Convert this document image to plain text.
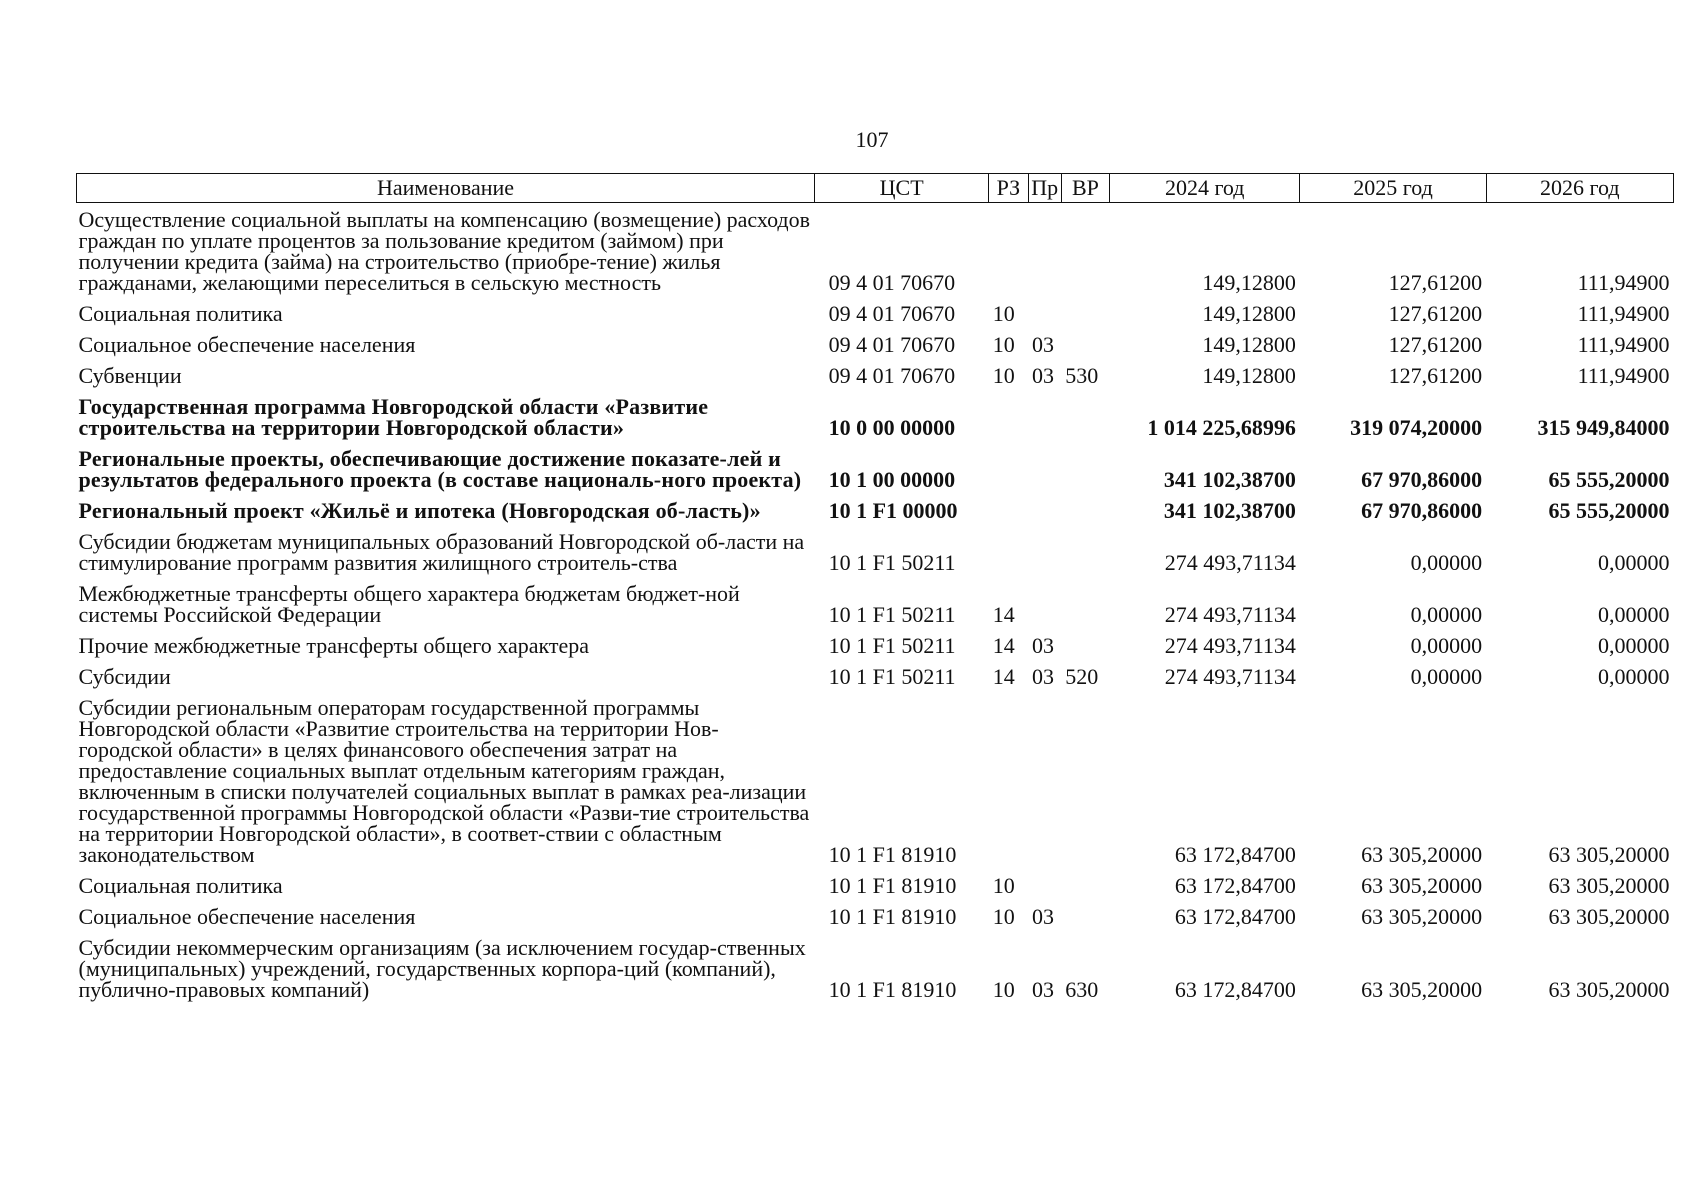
107
Наименование	ЦСТ	РЗ	Пр	ВР	2024 год	2025 год	2026 год
Осуществление социальной выплаты на компенсацию (возмещение) расходов граждан по уплате процентов за пользование кредитом (займом) при получении кредита (займа) на строительство (приобре-тение) жилья гражданами, желающими переселиться в сельскую местность	09 4 01 70670				149,12800	127,61200	111,94900
Социальная политика	09 4 01 70670	10			149,12800	127,61200	111,94900
Социальное обеспечение населения	09 4 01 70670	10	03		149,12800	127,61200	111,94900
Субвенции	09 4 01 70670	10	03	530	149,12800	127,61200	111,94900
Государственная программа Новгородской области «Развитие строительства на территории Новгородской области»	10 0 00 00000				1 014 225,68996	319 074,20000	315 949,84000
Региональные проекты, обеспечивающие достижение показате-лей и результатов федерального проекта (в составе националь-ного проекта)	10 1 00 00000				341 102,38700	67 970,86000	65 555,20000
Региональный проект «Жильё и ипотека (Новгородская об-ласть)»	10 1 F1 00000				341 102,38700	67 970,86000	65 555,20000
Субсидии бюджетам муниципальных образований Новгородской об-ласти на стимулирование программ развития жилищного строитель-ства	10 1 F1 50211				274 493,71134	0,00000	0,00000
Межбюджетные трансферты общего характера бюджетам бюджет-ной системы Российской Федерации	10 1 F1 50211	14			274 493,71134	0,00000	0,00000
Прочие межбюджетные трансферты общего характера	10 1 F1 50211	14	03		274 493,71134	0,00000	0,00000
Субсидии	10 1 F1 50211	14	03	520	274 493,71134	0,00000	0,00000
Субсидии региональным операторам государственной программы Новгородской области «Развитие строительства на территории Нов-городской области» в целях финансового обеспечения затрат на предоставление социальных выплат отдельным категориям граждан, включенным в списки получателей социальных выплат в рамках реа-лизации государственной программы Новгородской области «Разви-тие строительства на территории Новгородской области», в соответ-ствии с областным законодательством	10 1 F1 81910				63 172,84700	63 305,20000	63 305,20000
Социальная политика	10 1 F1 81910	10			63 172,84700	63 305,20000	63 305,20000
Социальное обеспечение населения	10 1 F1 81910	10	03		63 172,84700	63 305,20000	63 305,20000
Субсидии некоммерческим организациям (за исключением государ-ственных (муниципальных) учреждений, государственных корпора-ций (компаний), публично-правовых компаний)	10 1 F1 81910	10	03	630	63 172,84700	63 305,20000	63 305,20000
